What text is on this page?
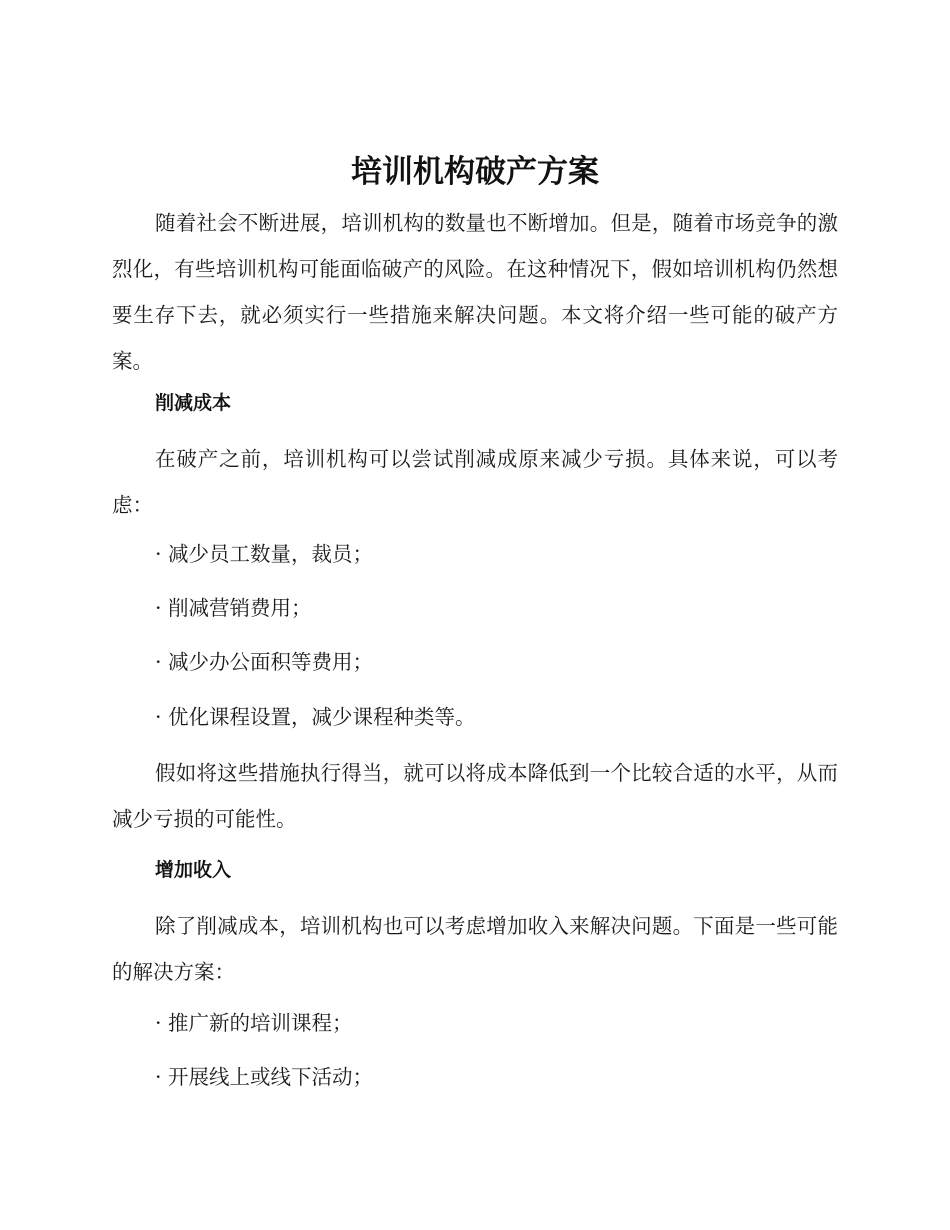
培训机构破产方案

随着社会不断进展，培训机构的数量也不断增加。但是，随着市场竞争的激烈化，有些培训机构可能面临破产的风险。在这种情况下，假如培训机构仍然想要生存下去，就必须实行一些措施来解决问题。本文将介绍一些可能的破产方案。

削减成本

在破产之前，培训机构可以尝试削减成原来减少亏损。具体来说，可以考虑：

· 减少员工数量，裁员；

· 削减营销费用；

· 减少办公面积等费用；

· 优化课程设置，减少课程种类等。

假如将这些措施执行得当，就可以将成本降低到一个比较合适的水平，从而减少亏损的可能性。

增加收入

除了削减成本，培训机构也可以考虑增加收入来解决问题。下面是一些可能的解决方案：

· 推广新的培训课程；

· 开展线上或线下活动；
